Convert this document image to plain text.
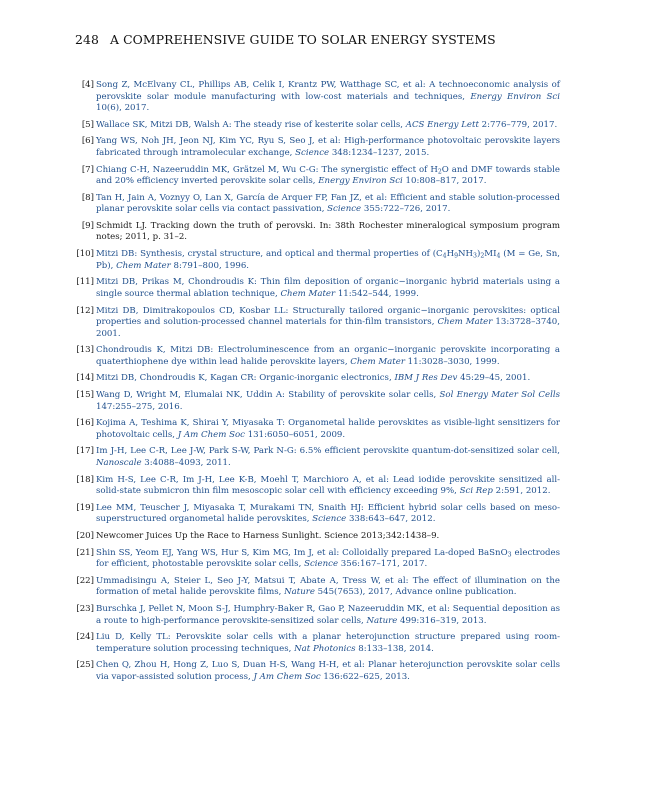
248 A COMPREHENSIVE GUIDE TO SOLAR ENERGY SYSTEMS
[4] Song Z, McElvany CL, Phillips AB, Celik I, Krantz PW, Watthage SC, et al: A technoeconomic analysis of perovskite solar module manufacturing with low-cost materials and techniques, Energy Environ Sci 10(6), 2017.
[5] Wallace SK, Mitzi DB, Walsh A: The steady rise of kesterite solar cells, ACS Energy Lett 2:776–779, 2017.
[6] Yang WS, Noh JH, Jeon NJ, Kim YC, Ryu S, Seo J, et al: High-performance photovoltaic perovskite layers fabricated through intramolecular exchange, Science 348:1234–1237, 2015.
[7] Chiang C-H, Nazeeruddin MK, Grätzel M, Wu C-G: The synergistic effect of $H_2O$ and DMF towards stable and 20% efficiency inverted perovskite solar cells, Energy Environ Sci 10:808–817, 2017.
[8] Tan H, Jain A, Voznyy O, Lan X, García de Arquer FP, Fan JZ, et al: Efficient and stable solution-processed planar perovskite solar cells via contact passivation, Science 355:722–726, 2017.
[9] Schmidt LJ. Tracking down the truth of perovski. In: 38th Rochester mineralogical symposium program notes; 2011, p. 31–2.
[10] Mitzi DB: Synthesis, crystal structure, and optical and thermal properties of $(C_4H_9NH_3)_2MI_4$ (M = Ge, Sn, Pb), Chem Mater 8:791–800, 1996.
[11] Mitzi DB, Prikas M, Chondroudis K: Thin film deposition of organic−inorganic hybrid materials using a single source thermal ablation technique, Chem Mater 11:542–544, 1999.
[12] Mitzi DB, Dimitrakopoulos CD, Kosbar LL: Structurally tailored organic−inorganic perovskites: optical properties and solution-processed channel materials for thin-film transistors, Chem Mater 13:3728–3740, 2001.
[13] Chondroudis K, Mitzi DB: Electroluminescence from an organic−inorganic perovskite incorporating a quaterthiophene dye within lead halide perovskite layers, Chem Mater 11:3028–3030, 1999.
[14] Mitzi DB, Chondroudis K, Kagan CR: Organic-inorganic electronics, IBM J Res Dev 45:29–45, 2001.
[15] Wang D, Wright M, Elumalai NK, Uddin A: Stability of perovskite solar cells, Sol Energy Mater Sol Cells 147:255–275, 2016.
[16] Kojima A, Teshima K, Shirai Y, Miyasaka T: Organometal halide perovskites as visible-light sensitizers for photovoltaic cells, J Am Chem Soc 131:6050–6051, 2009.
[17] Im J-H, Lee C-R, Lee J-W, Park S-W, Park N-G: 6.5% efficient perovskite quantum-dot-sensitized solar cell, Nanoscale 3:4088–4093, 2011.
[18] Kim H-S, Lee C-R, Im J-H, Lee K-B, Moehl T, Marchioro A, et al: Lead iodide perovskite sensitized all-solid-state submicron thin film mesoscopic solar cell with efficiency exceeding 9%, Sci Rep 2:591, 2012.
[19] Lee MM, Teuscher J, Miyasaka T, Murakami TN, Snaith HJ: Efficient hybrid solar cells based on meso-superstructured organometal halide perovskites, Science 338:643–647, 2012.
[20] Newcomer Juices Up the Race to Harness Sunlight. Science 2013;342:1438–9.
[21] Shin SS, Yeom EJ, Yang WS, Hur S, Kim MG, Im J, et al: Colloidally prepared La-doped BaSnO$_3$ electrodes for efficient, photostable perovskite solar cells, Science 356:167–171, 2017.
[22] Ummadisingu A, Steier L, Seo J-Y, Matsui T, Abate A, Tress W, et al: The effect of illumination on the formation of metal halide perovskite films, Nature 545(7653), 2017, Advance online publication.
[23] Burschka J, Pellet N, Moon S-J, Humphry-Baker R, Gao P, Nazeeruddin MK, et al: Sequential deposition as a route to high-performance perovskite-sensitized solar cells, Nature 499:316–319, 2013.
[24] Liu D, Kelly TL: Perovskite solar cells with a planar heterojunction structure prepared using room-temperature solution processing techniques, Nat Photonics 8:133–138, 2014.
[25] Chen Q, Zhou H, Hong Z, Luo S, Duan H-S, Wang H-H, et al: Planar heterojunction perovskite solar cells via vapor-assisted solution process, J Am Chem Soc 136:622–625, 2013.
